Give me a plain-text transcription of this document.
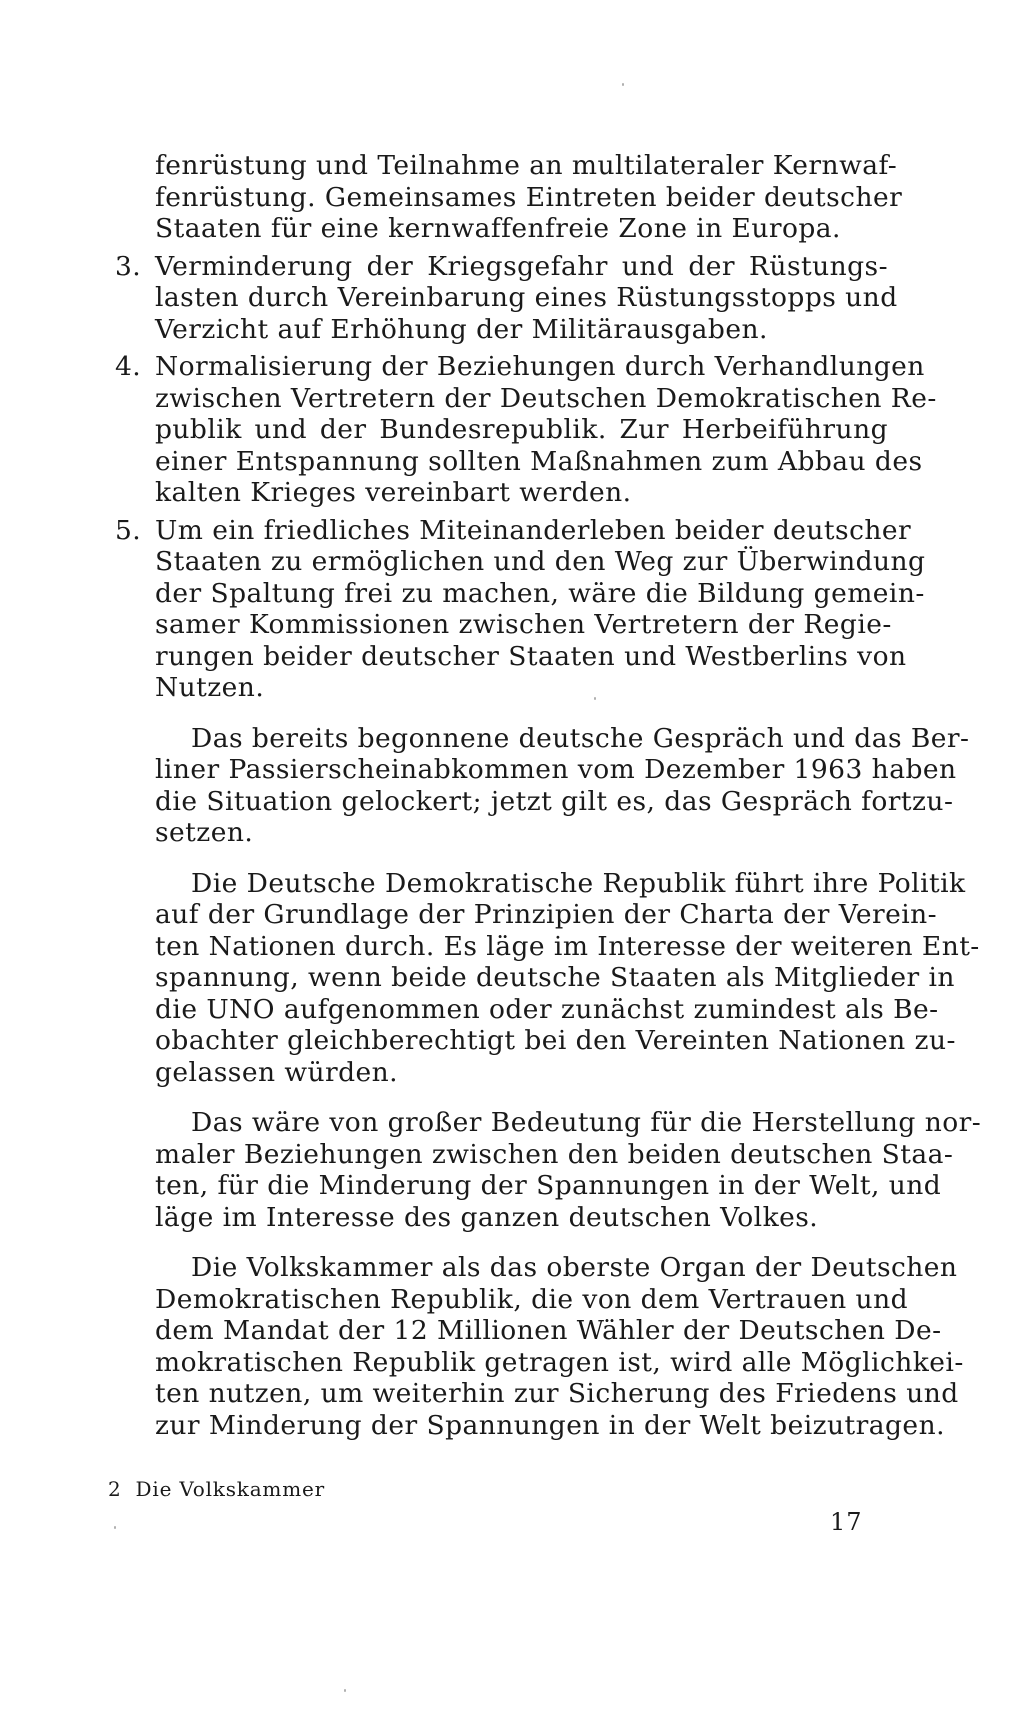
fenrüstung und Teilnahme an multilateraler Kernwaf-
fenrüstung. Gemeinsames Eintreten beider deutscher
Staaten für eine kernwaffenfreie Zone in Europa.
3. Verminderung der Kriegsgefahr und der Rüstungs-
lasten durch Vereinbarung eines Rüstungsstopps und
Verzicht auf Erhöhung der Militärausgaben.
4. Normalisierung der Beziehungen durch Verhandlungen
zwischen Vertretern der Deutschen Demokratischen Re-
publik und der Bundesrepublik. Zur Herbeiführung
einer Entspannung sollten Maßnahmen zum Abbau des
kalten Krieges vereinbart werden.
5. Um ein friedliches Miteinanderleben beider deutscher
Staaten zu ermöglichen und den Weg zur Überwindung
der Spaltung frei zu machen, wäre die Bildung gemein-
samer Kommissionen zwischen Vertretern der Regie-
rungen beider deutscher Staaten und Westberlins von
Nutzen.
Das bereits begonnene deutsche Gespräch und das Ber-
liner Passierscheinabkommen vom Dezember 1963 haben
die Situation gelockert; jetzt gilt es, das Gespräch fortzu-
setzen.
Die Deutsche Demokratische Republik führt ihre Politik
auf der Grundlage der Prinzipien der Charta der Verein-
ten Nationen durch. Es läge im Interesse der weiteren Ent-
spannung, wenn beide deutsche Staaten als Mitglieder in
die UNO aufgenommen oder zunächst zumindest als Be-
obachter gleichberechtigt bei den Vereinten Nationen zu-
gelassen würden.
Das wäre von großer Bedeutung für die Herstellung nor-
maler Beziehungen zwischen den beiden deutschen Staa-
ten, für die Minderung der Spannungen in der Welt, und
läge im Interesse des ganzen deutschen Volkes.
Die Volkskammer als das oberste Organ der Deutschen
Demokratischen Republik, die von dem Vertrauen und
dem Mandat der 12 Millionen Wähler der Deutschen De-
mokratischen Republik getragen ist, wird alle Möglichkei-
ten nutzen, um weiterhin zur Sicherung des Friedens und
zur Minderung der Spannungen in der Welt beizutragen.
2 Die Volkskammer
17
